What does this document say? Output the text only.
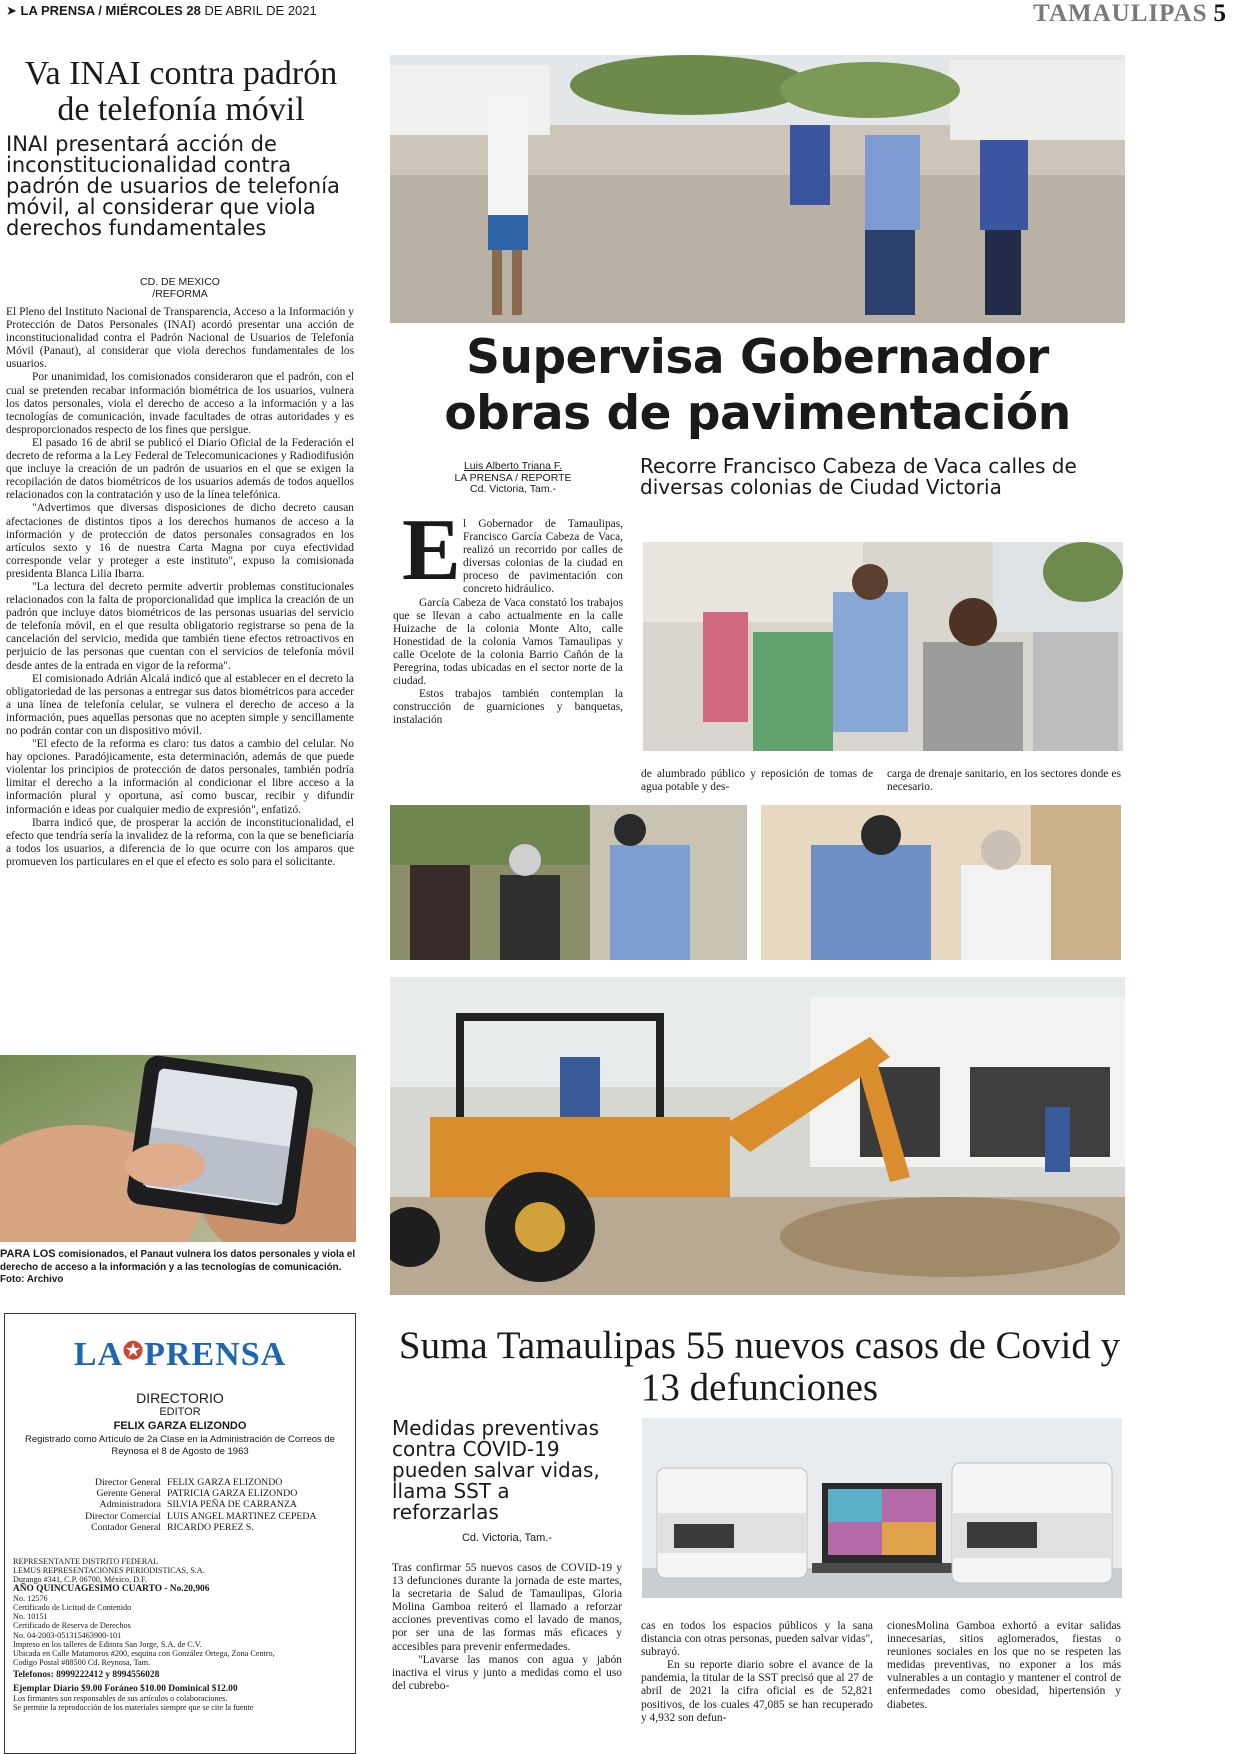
➤ LA PRENSA / MIÉRCOLES 28 DE ABRIL DE 2021	TAMAULIPAS 5
Va INAI contra padrón de telefonía móvil
INAI presentará acción de inconstitucionalidad contra padrón de usuarios de telefonía móvil, al considerar que viola derechos fundamentales
CD. DE MEXICO
/REFORMA

El Pleno del Instituto Nacional de Transparencia, Acceso a la Información y Protección de Datos Personales (INAI) acordó presentar una acción de inconstitucionalidad contra el Padrón Nacional de Usuarios de Telefonía Móvil (Panaut), al considerar que viola derechos fundamentales de los usuarios.

Por unanimidad, los comisionados consideraron que el padrón, con el cual se pretenden recabar información biométrica de los usuarios, vulnera los datos personales, viola el derecho de acceso a la información y a las tecnologías de comunicación, invade facultades de otras autoridades y es desproporcionados respecto de los fines que persigue.

El pasado 16 de abril se publicó el Diario Oficial de la Federación el decreto de reforma a la Ley Federal de Telecomunicaciones y Radiodifusión que incluye la creación de un padrón de usuarios en el que se exigen la recopilación de datos biométricos de los usuarios además de todos aquellos relacionados con la contratación y uso de la línea telefónica.

"Advertimos que diversas disposiciones de dicho decreto causan afectaciones de distintos tipos a los derechos humanos de acceso a la información y de protección de datos personales consagrados en los artículos sexto y 16 de nuestra Carta Magna por cuya efectividad corresponde velar y proteger a este instituto", expuso la comisionada presidenta Blanca Lilia Ibarra.

"La lectura del decreto permite advertir problemas constitucionales relacionados con la falta de proporcionalidad que implica la creación de un padrón que incluye datos biométricos de las personas usuarias del servicio de telefonía móvil, en el que resulta obligatorio registrarse so pena de la cancelación del servicio, medida que también tiene efectos retroactivos en perjuicio de las personas que cuentan con el servicios de telefonía móvil desde antes de la entrada en vigor de la reforma".

El comisionado Adrián Alcalá indicó que al establecer en el decreto la obligatoriedad de las personas a entregar sus datos biométricos para acceder a una línea de telefonía celular, se vulnera el derecho de acceso a la información, pues aquellas personas que no acepten simple y sencillamente no podrán contar con un dispositivo móvil.

"El efecto de la reforma es claro: tus datos a cambio del celular. No hay opciones. Paradójicamente, esta determinación, además de que puede violentar los principios de protección de datos personales, también podría limitar el derecho a la información al condicionar el libre acceso a la información plural y oportuna, así como buscar, recibir y difundir información e ideas por cualquier medio de expresión", enfatizó.

Ibarra indicó que, de prosperar la acción de inconstitucionalidad, el efecto que tendría sería la invalidez de la reforma, con la que se beneficiaría a todos los usuarios, a diferencia de lo que ocurre con los amparos que promueven los particulares en el que el efecto es solo para el solicitante.

PARA LOS comisionados, el Panaut vulnera los datos personales y viola el derecho de acceso a la información y a las tecnologías de comunicación. Foto: Archivo
LA✪PRENSA
DIRECTORIO
EDITOR
FELIX GARZA ELIZONDO
Registrado como Artículo de 2a Clase en la Administración de Correos de Reynosa el 8 de Agosto de 1963
Director General FELIX GARZA ELIZONDO
Gerente General PATRICIA GARZA ELIZONDO
Administradora SILVIA PEÑA DE CARRANZA
Director Comercial LUIS ANGEL MARTINEZ CEPEDA
Contador General RICARDO PEREZ S.
REPRESENTANTE DISTRITO FEDERAL
LEMUS REPRESENTACIONES PERIODISTICAS, S.A.
Durango #341, C.P. 06700, México, D.F.
AÑO QUINCUAGESIMO CUARTO - No.20,906
No. 12576
Certificado de Licitud de Contenido
No. 10151
Certificado de Reserva de Derechos
No. 04-2003-051315463900-101
Impreso en los talleres de Editora San Jorge, S.A. de C.V.
Ubicada en Calle Matamoros #200, esquina con González Ortega, Zona Centro,
Codigo Postal #88500 Cd. Reynosa, Tam.
Telefonos: 8999222412 y 8994556028
Ejemplar Diario $9.00 Foráneo $10.00 Dominical $12.00
Los firmantes son responsables de sus artículos o colaboraciones.
Se permite la reproducción de los materiales siempre que se cite la fuente
Supervisa Gobernador obras de pavimentación
Luis Alberto Triana F.
LA PRENSA / REPORTE
Cd. Victoria, Tam.-
Recorre Francisco Cabeza de Vaca calles de diversas colonias de Ciudad Victoria

l Gobernador de Tamaulipas, Francisco García Cabeza de Vaca, realizó un recorrido por calles de diversas colonias de la ciudad en proceso de pavimentación con concreto hidráulico.

García Cabeza de Vaca constató los trabajos que se llevan a cabo actualmente en la calle Huizache de la colonia Monte Alto, calle Honestidad de la colonia Vamos Tamaulipas y calle Ocelote de la colonia Barrio Cañón de la Peregrina, todas ubicadas en el sector norte de la ciudad.

Estos trabajos también contemplan la construcción de guarniciones y banquetas, instalación

E

de alumbrado público y reposición de tomas de agua potable y des-

carga de drenaje sanitario, en los sectores donde es necesario.

Suma Tamaulipas 55 nuevos casos de Covid y 13 defunciones
Medidas preventivas contra COVID-19 pueden salvar vidas, llama SST a reforzarlas
Cd. Victoria, Tam.-

Tras confirmar 55 nuevos casos de COVID-19 y 13 defunciones durante la jornada de este martes, la secretaria de Salud de Tamaulipas, Gloria Molina Gamboa reiteró el llamado a reforzar acciones preventivas como el lavado de manos, por ser una de las formas más eficaces y accesibles para prevenir enfermedades.

"Lavarse las manos con agua y jabón inactiva el virus y junto a medidas como el uso del cubrebo-

cas en todos los espacios públicos y la sana distancia con otras personas, pueden salvar vidas", subrayó.

En su reporte diario sobre el avance de la pandemia, la titular de la SST precisó que al 27 de abril de 2021 la cifra oficial es de 52,821 positivos, de los cuales 47,085 se han recuperado y 4,932 son defun-

cionesMolina Gamboa exhortó a evitar salidas innecesarias, sitios aglomerados, fiestas o reuniones sociales en los que no se respeten las medidas preventivas, no exponer a los más vulnerables a un contagio y mantener el control de enfermedades como obesidad, hipertensión y diabetes.
